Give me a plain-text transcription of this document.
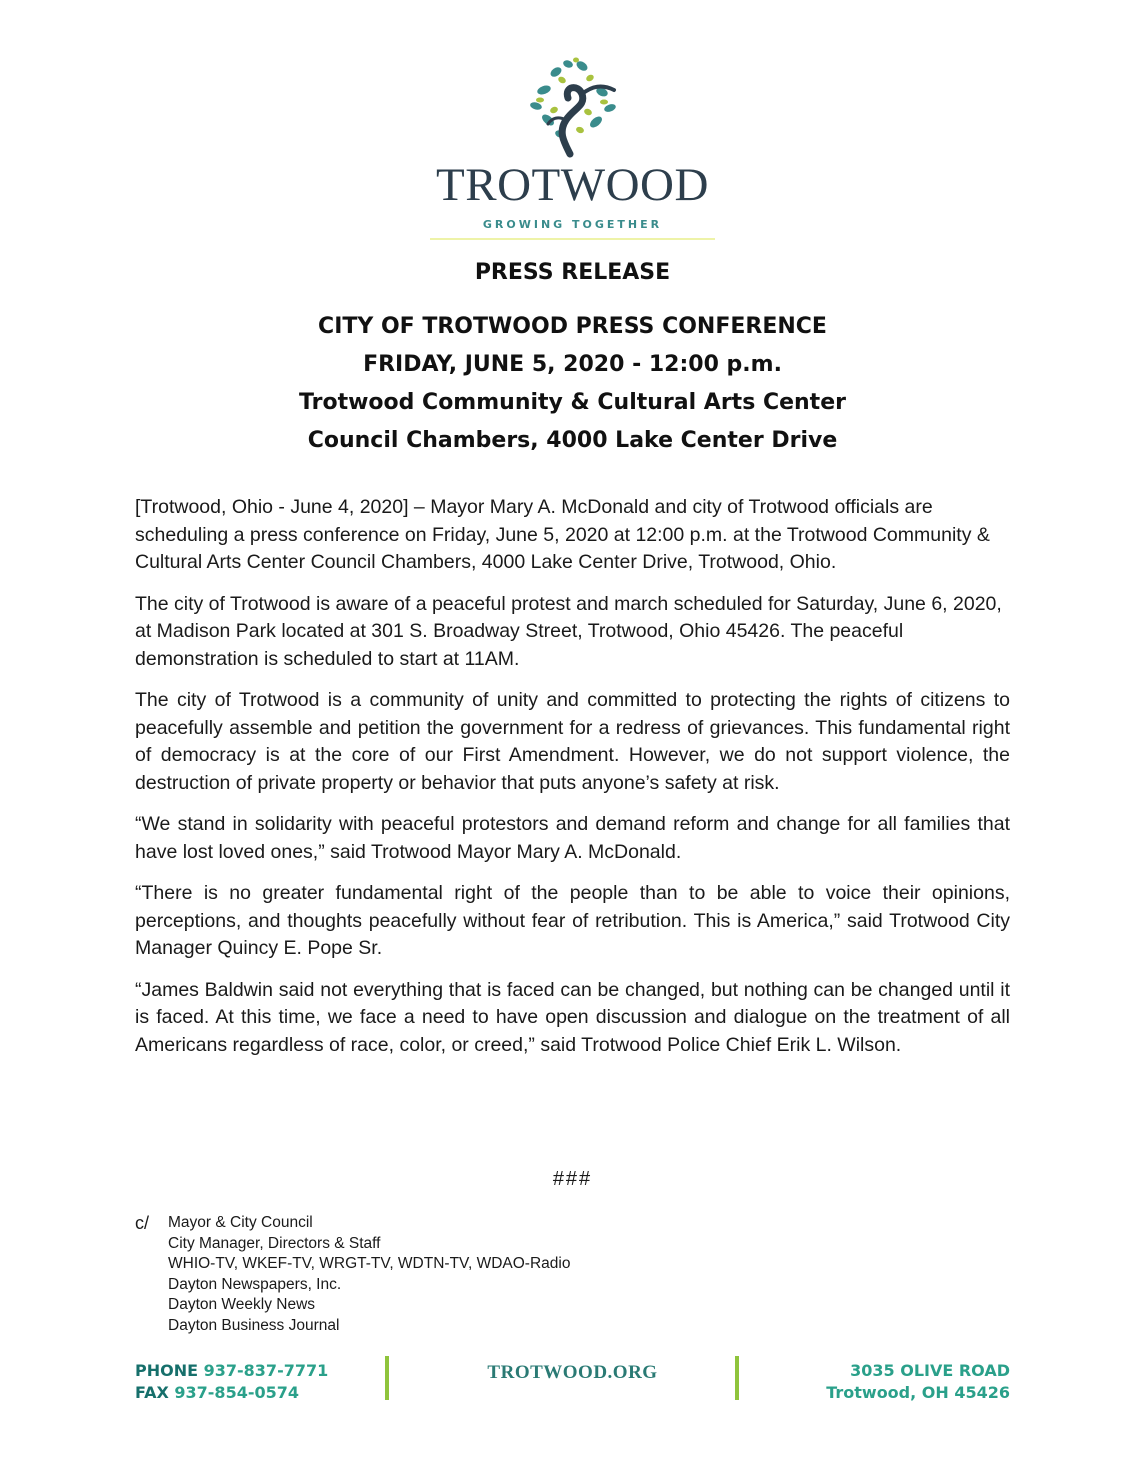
TROTWOOD
GROWING TOGETHER
PRESS RELEASE
CITY OF TROTWOOD PRESS CONFERENCE
FRIDAY, JUNE 5, 2020 - 12:00 p.m.
Trotwood Community & Cultural Arts Center
Council Chambers, 4000 Lake Center Drive

[Trotwood, Ohio - June 4, 2020] – Mayor Mary A. McDonald and city of Trotwood officials are scheduling a press conference on Friday, June 5, 2020 at 12:00 p.m. at the Trotwood Community & Cultural Arts Center Council Chambers, 4000 Lake Center Drive, Trotwood, Ohio.

The city of Trotwood is aware of a peaceful protest and march scheduled for Saturday, June 6, 2020, at Madison Park located at 301 S. Broadway Street, Trotwood, Ohio 45426. The peaceful demonstration is scheduled to start at 11AM.

The city of Trotwood is a community of unity and committed to protecting the rights of citizens to peacefully assemble and petition the government for a redress of grievances. This fundamental right of democracy is at the core of our First Amendment. However, we do not support violence, the destruction of private property or behavior that puts anyone’s safety at risk.

“We stand in solidarity with peaceful protestors and demand reform and change for all families that have lost loved ones,” said Trotwood Mayor Mary A. McDonald.

“There is no greater fundamental right of the people than to be able to voice their opinions, perceptions, and thoughts peacefully without fear of retribution. This is America,” said Trotwood City Manager Quincy E. Pope Sr.

“James Baldwin said not everything that is faced can be changed, but nothing can be changed until it is faced. At this time, we face a need to have open discussion and dialogue on the treatment of all Americans regardless of race, color, or creed,” said Trotwood Police Chief Erik L. Wilson.

###
c/ Mayor & City Council
City Manager, Directors & Staff
WHIO-TV, WKEF-TV, WRGT-TV, WDTN-TV, WDAO-Radio
Dayton Newspapers, Inc.
Dayton Weekly News
Dayton Business Journal
PHONE 937-837-7771
FAX 937-854-0574
TROTWOOD.ORG	3035 OLIVE ROAD
Trotwood, OH 45426
